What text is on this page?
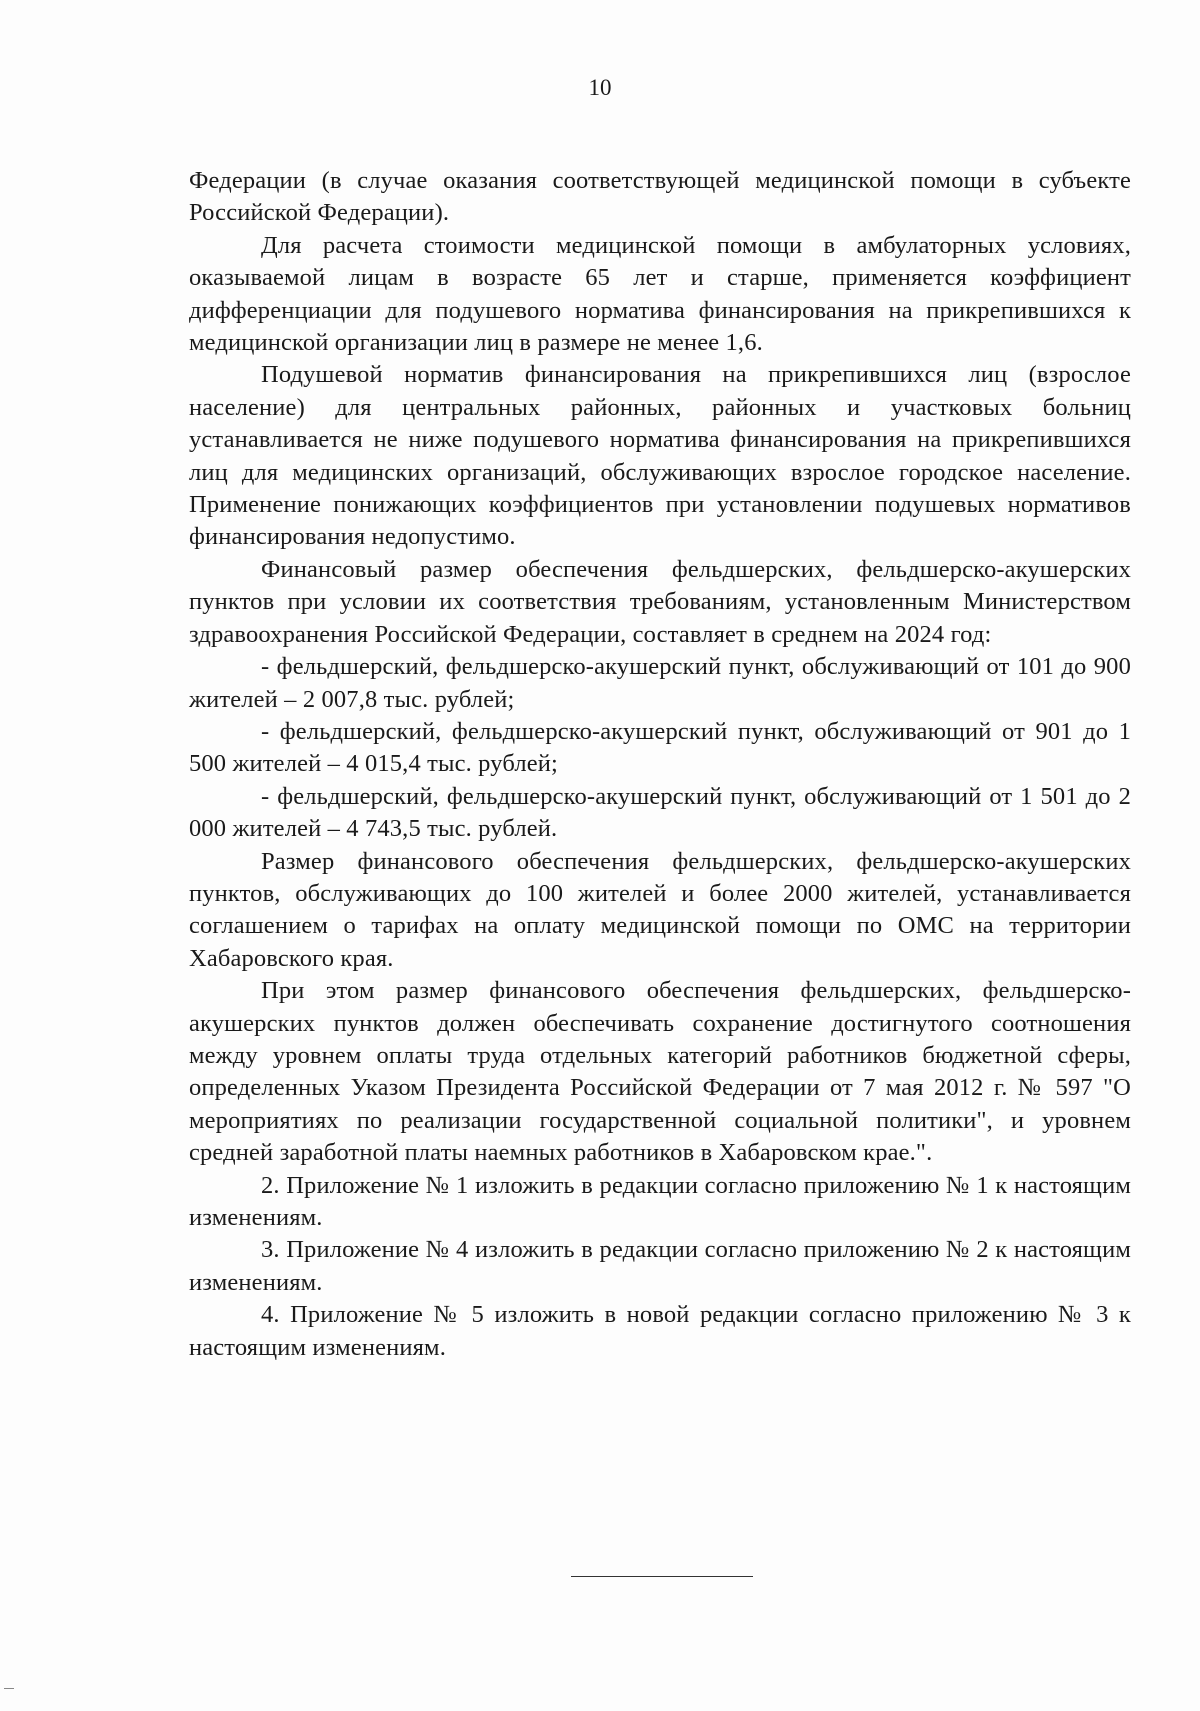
10

Федерации (в случае оказания соответствующей медицинской помощи в субъекте Российской Федерации).

Для расчета стоимости медицинской помощи в амбулаторных условиях, оказываемой лицам в возрасте 65 лет и старше, применяется коэффициент дифференциации для подушевого норматива финансирования на прикрепившихся к медицинской организации лиц в размере не менее 1,6.

Подушевой норматив финансирования на прикрепившихся лиц (взрослое население) для центральных районных, районных и участковых больниц устанавливается не ниже подушевого норматива финансирования на прикрепившихся лиц для медицинских организаций, обслуживающих взрослое городское население. Применение понижающих коэффициентов при установлении подушевых нормативов финансирования недопустимо.

Финансовый размер обеспечения фельдшерских, фельдшерско-акушерских пунктов при условии их соответствия требованиям, установленным Министерством здравоохранения Российской Федерации, составляет в среднем на 2024 год:

- фельдшерский, фельдшерско-акушерский пункт, обслуживающий от 101 до 900 жителей – 2 007,8 тыс. рублей;

- фельдшерский, фельдшерско-акушерский пункт, обслуживающий от 901 до 1 500 жителей – 4 015,4 тыс. рублей;

- фельдшерский, фельдшерско-акушерский пункт, обслуживающий от 1 501 до 2 000 жителей – 4 743,5 тыс. рублей.

Размер финансового обеспечения фельдшерских, фельдшерско-акушерских пунктов, обслуживающих до 100 жителей и более 2000 жителей, устанавливается соглашением о тарифах на оплату медицинской помощи по ОМС на территории Хабаровского края.

При этом размер финансового обеспечения фельдшерских, фельдшерско-акушерских пунктов должен обеспечивать сохранение достигнутого соотношения между уровнем оплаты труда отдельных категорий работников бюджетной сферы, определенных Указом Президента Российской Федерации от 7 мая 2012 г. № 597 "О мероприятиях по реализации государственной социальной политики", и уровнем средней заработной платы наемных работников в Хабаровском крае.".

2. Приложение № 1 изложить в редакции согласно приложению № 1 к настоящим изменениям.

3. Приложение № 4 изложить в редакции согласно приложению № 2 к настоящим изменениям.

4. Приложение № 5 изложить в новой редакции согласно приложению № 3 к настоящим изменениям.
